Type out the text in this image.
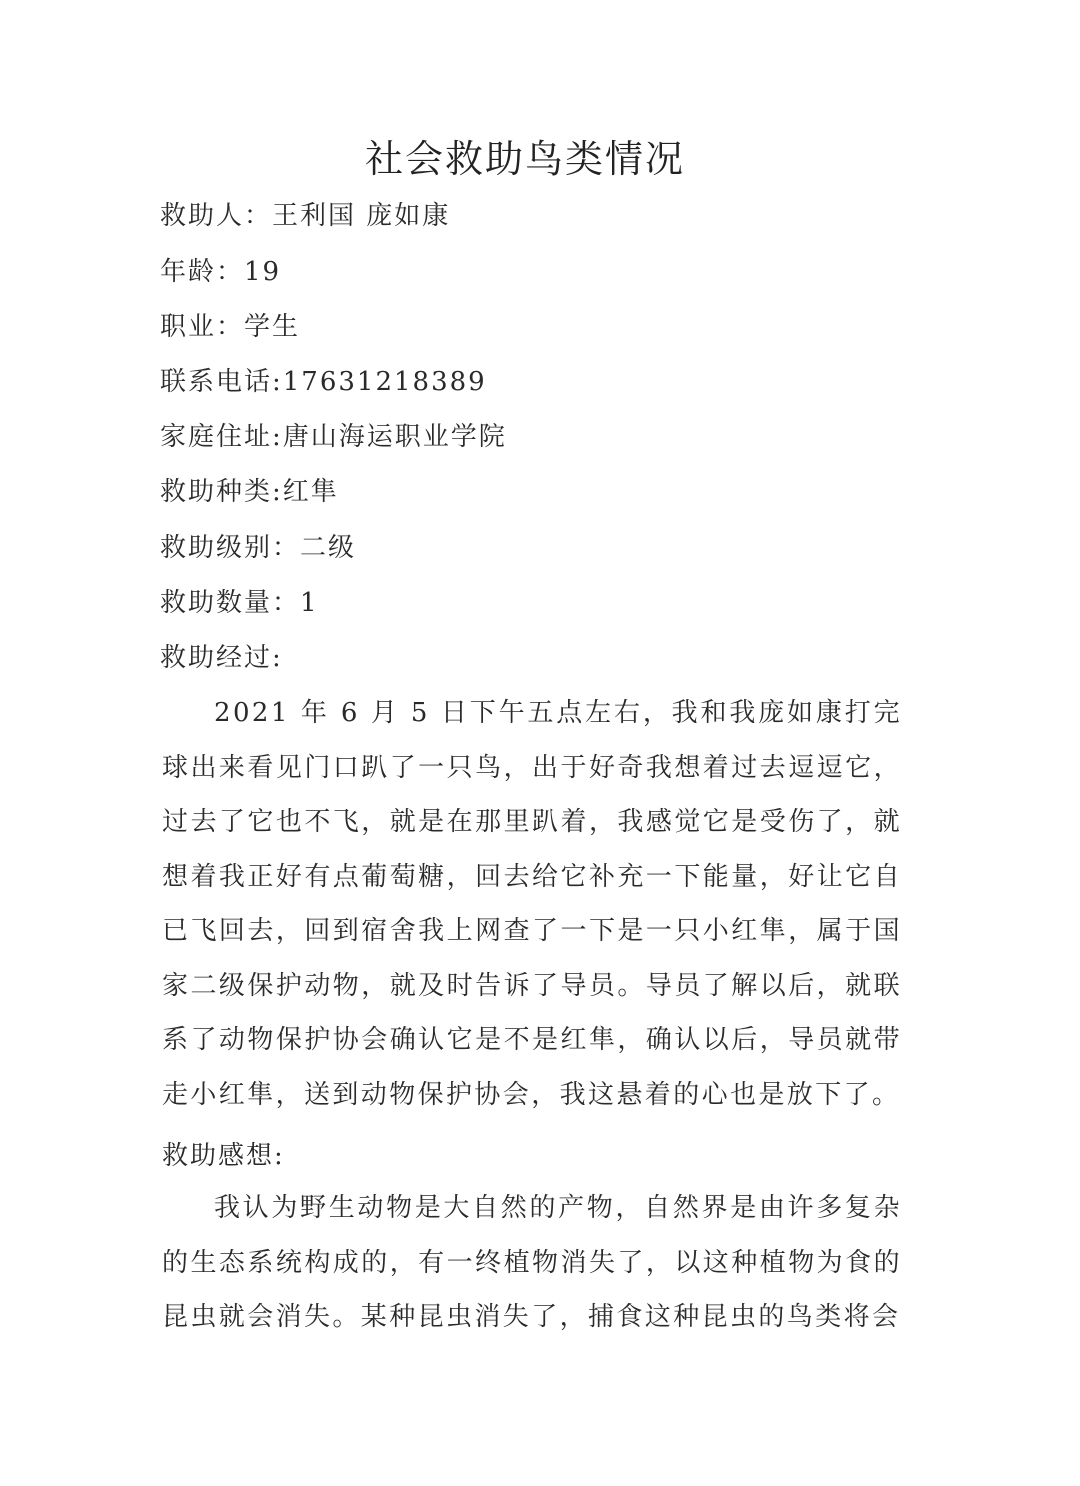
社会救助鸟类情况
救助人：王利国 庞如康
年龄：19
职业：学生
联系电话:17631218389
家庭住址:唐山海运职业学院
救助种类:红隼
救助级别：二级
救助数量：1
救助经过:
2021 年 6 月 5 日下午五点左右，我和我庞如康打完球出来看见门口趴了一只鸟，出于好奇我想着过去逗逗它，过去了它也不飞，就是在那里趴着，我感觉它是受伤了，就想着我正好有点葡萄糖，回去给它补充一下能量，好让它自已飞回去，回到宿舍我上网查了一下是一只小红隼，属于国家二级保护动物，就及时告诉了导员。导员了解以后，就联系了动物保护协会确认它是不是红隼，确认以后，导员就带走小红隼，送到动物保护协会，我这悬着的心也是放下了。
救助感想:
我认为野生动物是大自然的产物，自然界是由许多复杂的生态系统构成的，有一终植物消失了，以这种植物为食的昆虫就会消失。某种昆虫消失了，捕食这种昆虫的鸟类将会
